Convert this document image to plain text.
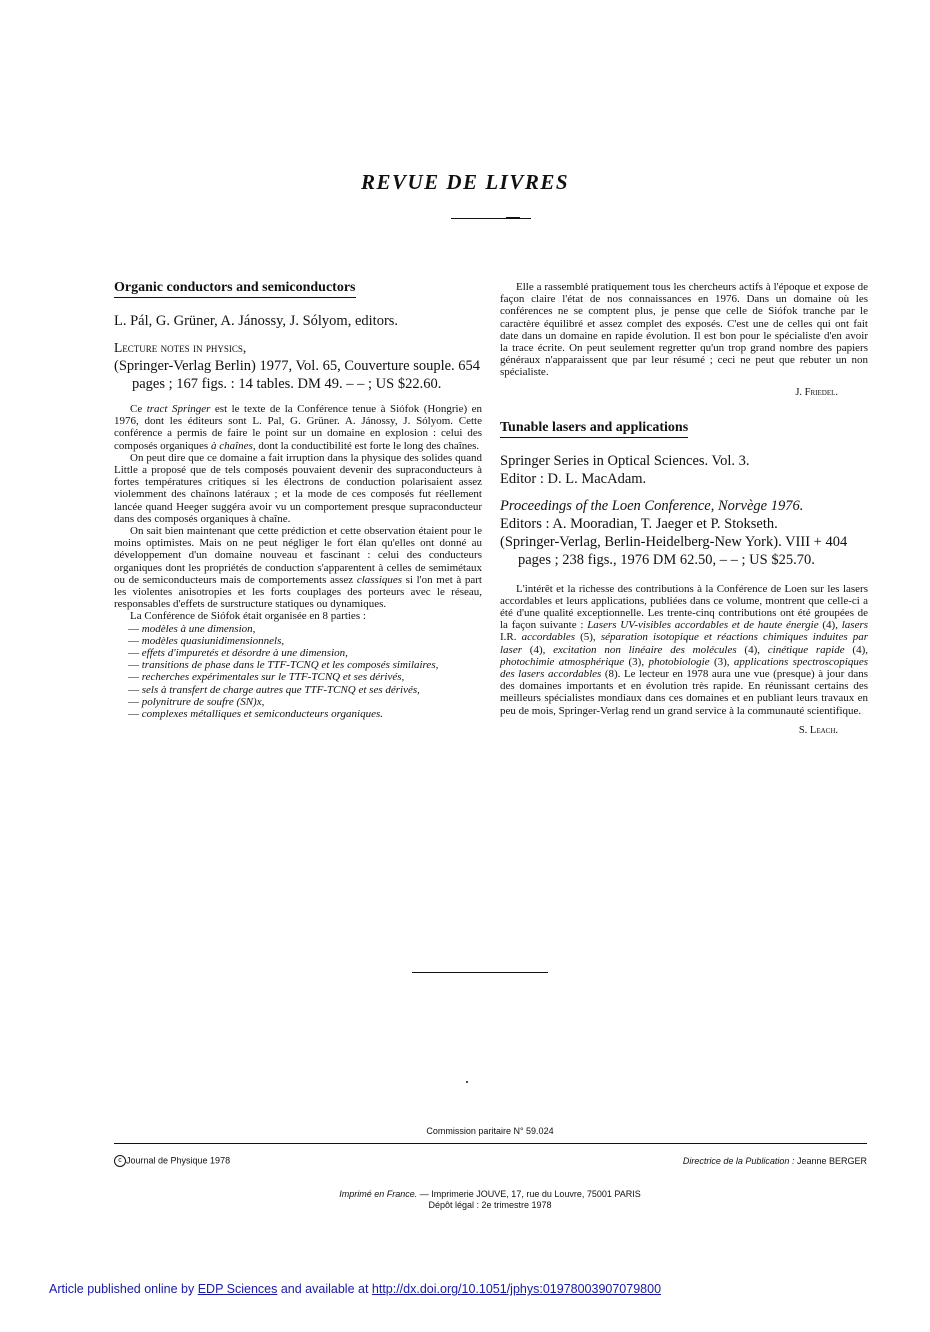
REVUE DE LIVRES
Organic conductors and semiconductors

L. Pál, G. Grüner, A. Jánossy, J. Sólyom, editors.

Lecture notes in physics,

(Springer-Verlag Berlin) 1977, Vol. 65, Couverture souple. 654 pages ; 167 figs. : 14 tables. DM 49. – – ; US $22.60.

Ce tract Springer est le texte de la Conférence tenue à Siófok (Hongrie) en 1976, dont les éditeurs sont L. Pal, G. Grüner. A. Jánossy, J. Sólyom. Cette conférence a permis de faire le point sur un domaine en explosion : celui des composés organiques à chaînes, dont la conductibilité est forte le long des chaînes.

On peut dire que ce domaine a fait irruption dans la physique des solides quand Little a proposé que de tels composés pouvaient devenir des supraconducteurs à fortes températures critiques si les électrons de conduction polarisaient assez violemment des chaînons latéraux ; et la mode de ces composés fut réellement lancée quand Heeger suggéra avoir vu un comportement presque supraconducteur dans des composés organiques à chaîne.

On sait bien maintenant que cette prédiction et cette observation étaient pour le moins optimistes. Mais on ne peut négliger le fort élan qu'elles ont donné au développement d'un domaine nouveau et fascinant : celui des conducteurs organiques dont les propriétés de conduction s'apparentent à celles de semimétaux ou de semiconducteurs mais de comportements assez classiques si l'on met à part les violentes anisotropies et les forts couplages des porteurs avec le réseau, responsables d'effets de surstructure statiques ou dynamiques.

La Conférence de Siófok était organisée en 8 parties :

— modèles à une dimension,
— modèles quasiunidimensionnels,
— effets d'impuretés et désordre à une dimension,
— transitions de phase dans le TTF-TCNQ et les composés similaires,
— recherches expérimentales sur le TTF-TCNQ et ses dérivés,
— sels à transfert de charge autres que TTF-TCNQ et ses dérivés,
— polynitrure de soufre (SN)x,
— complexes métalliques et semiconducteurs organiques.

Elle a rassemblé pratiquement tous les chercheurs actifs à l'époque et expose de façon claire l'état de nos connaissances en 1976. Dans un domaine où les conférences ne se comptent plus, je pense que celle de Siófok tranche par le caractère équilibré et assez complet des exposés. C'est une de celles qui ont fait date dans un domaine en rapide évolution. Il est bon pour le spécialiste d'en avoir la trace écrite. On peut seulement regretter qu'un trop grand nombre des papiers généraux n'apparaissent que par leur résumé ; ceci ne peut que rebuter un non spécialiste.

J. Friedel.
Tunable lasers and applications

Springer Series in Optical Sciences. Vol. 3.

Editor : D. L. MacAdam.

Proceedings of the Loen Conference, Norvège 1976.

Editors : A. Mooradian, T. Jaeger et P. Stokseth.

(Springer-Verlag, Berlin-Heidelberg-New York). VIII + 404 pages ; 238 figs., 1976 DM 62.50, – – ; US $25.70.

L'intérêt et la richesse des contributions à la Conférence de Loen sur les lasers accordables et leurs applications, publiées dans ce volume, montrent que celle-ci a été d'une qualité exceptionnelle. Les trente-cinq contributions ont été groupées de la façon suivante : Lasers UV-visibles accordables et de haute énergie (4), lasers I.R. accordables (5), séparation isotopique et réactions chimiques induites par laser (4), excitation non linéaire des molécules (4), cinétique rapide (4), photochimie atmosphérique (3), photobiologie (3), applications spectroscopiques des lasers accordables (8). Le lecteur en 1978 aura une vue (presque) à jour dans des domaines importants et en évolution très rapide. En réunissant certains des meilleurs spécialistes mondiaux dans ces domaines et en publiant leurs travaux en peu de mois, Springer-Verlag rend un grand service à la communauté scientifique.

S. Leach.
Commission paritaire N° 59.024
c Journal de Physique 1978	Directrice de la Publication : Jeanne BERGER
Imprimé en France. — Imprimerie JOUVE, 17, rue du Louvre, 75001 PARIS
Dépôt légal : 2e trimestre 1978
Article published online by EDP Sciences and available at http://dx.doi.org/10.1051/jphys:01978003907079800
